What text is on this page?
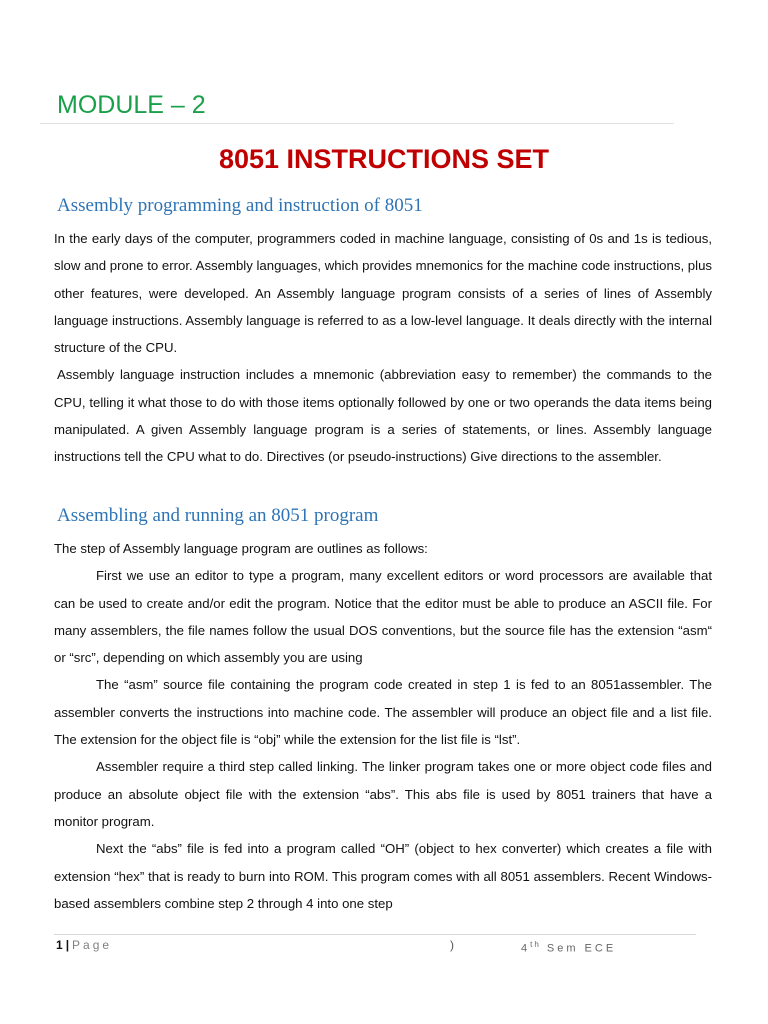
MODULE – 2
8051 INSTRUCTIONS SET
Assembly programming and instruction of 8051

In the early days of the computer, programmers coded in machine language, consisting of 0s and 1s is tedious, slow and prone to error. Assembly languages, which provides mnemonics for the machine code instructions, plus other features, were developed. An Assembly language program consists of a series of lines of Assembly language instructions. Assembly language is referred to as a low-level language. It deals directly with the internal structure of the CPU.

Assembly language instruction includes a mnemonic (abbreviation easy to remember) the commands to the CPU, telling it what those to do with those items optionally followed by one or two operands the data items being manipulated. A given Assembly language program is a series of statements, or lines. Assembly language instructions tell the CPU what to do. Directives (or pseudo-instructions) Give directions to the assembler.

Assembling and running an 8051 program

The step of Assembly language program are outlines as follows:

First we use an editor to type a program, many excellent editors or word processors are available that can be used to create and/or edit the program. Notice that the editor must be able to produce an ASCII file. For many assemblers, the file names follow the usual DOS conventions, but the source file has the extension “asm“ or “src”, depending on which assembly you are using

The “asm” source file containing the program code created in step 1 is fed to an 8051assembler. The assembler converts the instructions into machine code. The assembler will produce an object file and a list file. The extension for the object file is “obj” while the extension for the list file is “lst”.

Assembler require a third step called linking. The linker program takes one or more object code files and produce an absolute object file with the extension “abs”. This abs file is used by 8051 trainers that have a monitor program.

Next the “abs” file is fed into a program called “OH” (object to hex converter) which creates a file with extension “hex” that is ready to burn into ROM. This program comes with all 8051 assemblers. Recent Windows-based assemblers combine step 2 through 4 into one step

1 | Page	)	4th Sem ECE
